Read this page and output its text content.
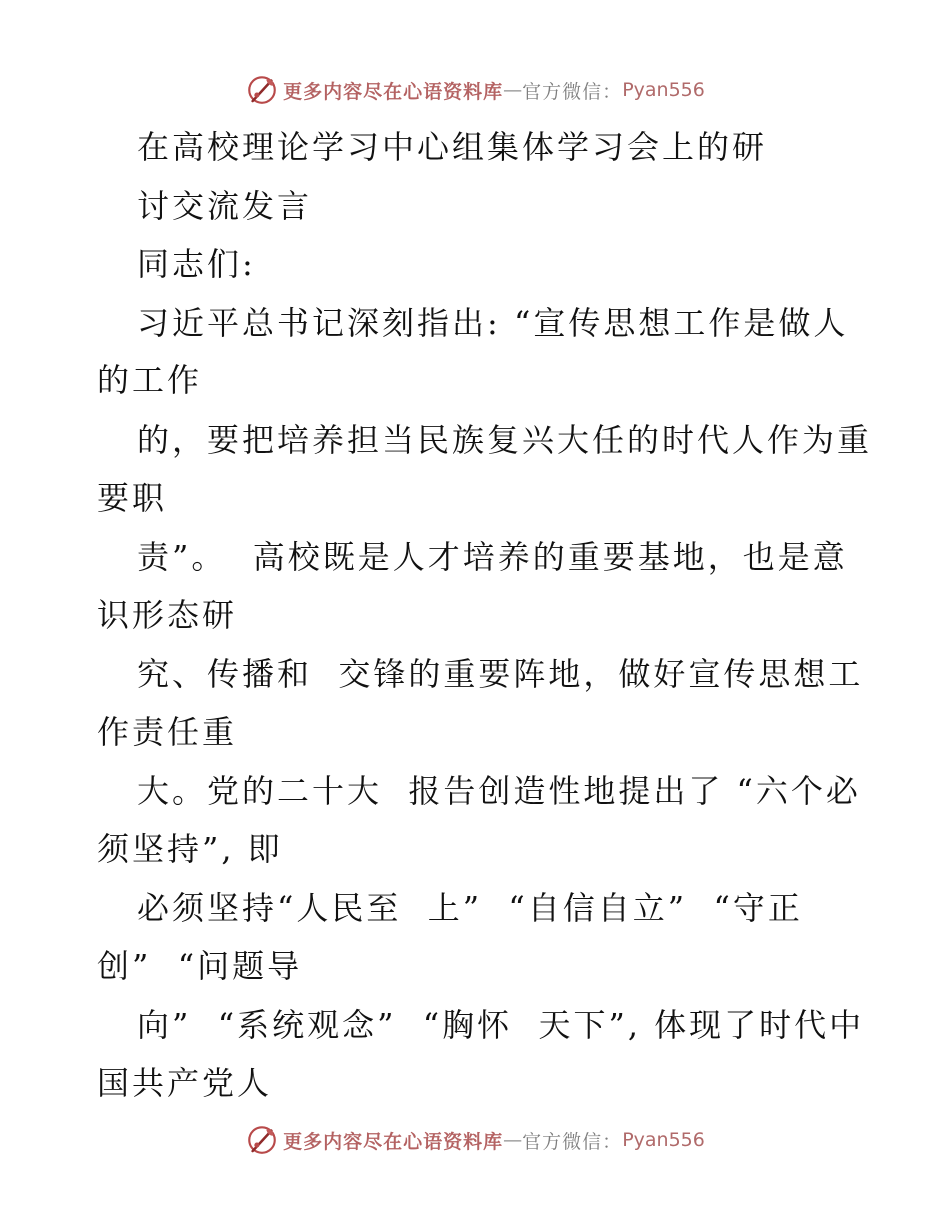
更多内容尽在心语资料库 — 官方微信： Pyan556
在高校理论学习中心组集体学习会上的研
讨交流发言
同志们:
习近平总书记深刻指出: “宣传思想工作是做人
的工作
的，要把培养担当民族复兴大任的时代人作为重
要职
责”。  高校既是人才培养的重要基地，也是意
识形态研
究、传播和  交锋的重要阵地，做好宣传思想工
作责任重
大。党的二十大  报告创造性地提出了 “六个必
须坚持”, 即
必须坚持“人民至  上”  “自信自立”  “守正
创”  “问题导
向”  “系统观念”  “胸怀  天下”, 体现了时代中
国共产党人
更多内容尽在心语资料库 — 官方微信： Pyan556
